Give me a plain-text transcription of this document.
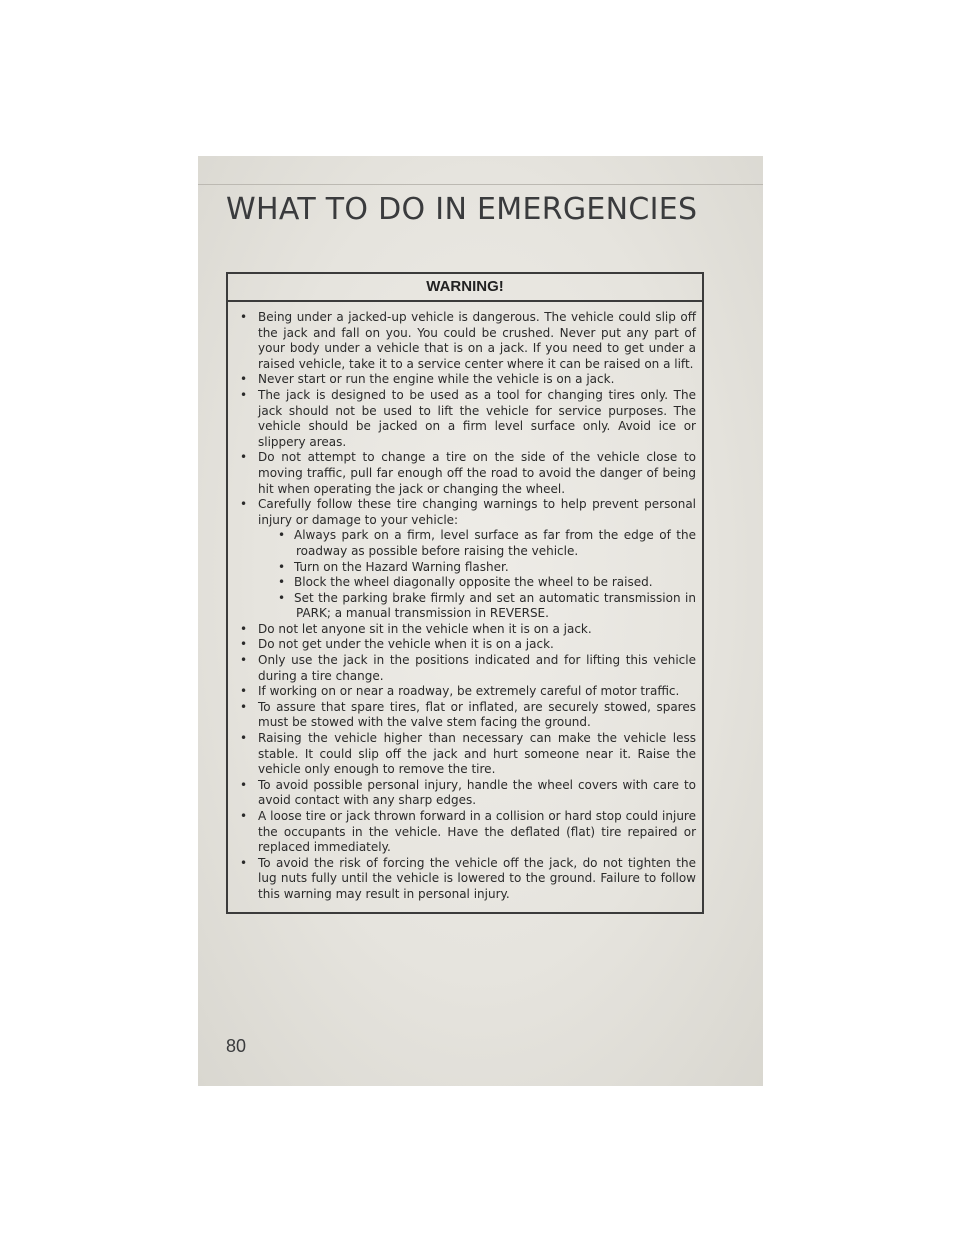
WHAT TO DO IN EMERGENCIES
WARNING!
• Being under a jacked-up vehicle is dangerous. The vehicle could slip off the jack and fall on you. You could be crushed. Never put any part of your body under a vehicle that is on a jack. If you need to get under a raised vehicle, take it to a service center where it can be raised on a lift.
• Never start or run the engine while the vehicle is on a jack.
• The jack is designed to be used as a tool for changing tires only. The jack should not be used to lift the vehicle for service purposes. The vehicle should be jacked on a firm level surface only. Avoid ice or slippery areas.
• Do not attempt to change a tire on the side of the vehicle close to moving traffic, pull far enough off the road to avoid the danger of being hit when operating the jack or changing the wheel.
• Carefully follow these tire changing warnings to help prevent personal injury or damage to your vehicle:
• Always park on a firm, level surface as far from the edge of the roadway as possible before raising the vehicle.
• Turn on the Hazard Warning flasher.
• Block the wheel diagonally opposite the wheel to be raised.
• Set the parking brake firmly and set an automatic transmission in PARK; a manual transmission in REVERSE.
• Do not let anyone sit in the vehicle when it is on a jack.
• Do not get under the vehicle when it is on a jack.
• Only use the jack in the positions indicated and for lifting this vehicle during a tire change.
• If working on or near a roadway, be extremely careful of motor traffic.
• To assure that spare tires, flat or inflated, are securely stowed, spares must be stowed with the valve stem facing the ground.
• Raising the vehicle higher than necessary can make the vehicle less stable. It could slip off the jack and hurt someone near it. Raise the vehicle only enough to remove the tire.
• To avoid possible personal injury, handle the wheel covers with care to avoid contact with any sharp edges.
• A loose tire or jack thrown forward in a collision or hard stop could injure the occupants in the vehicle. Have the deflated (flat) tire repaired or replaced immediately.
• To avoid the risk of forcing the vehicle off the jack, do not tighten the lug nuts fully until the vehicle is lowered to the ground. Failure to follow this warning may result in personal injury.
80
